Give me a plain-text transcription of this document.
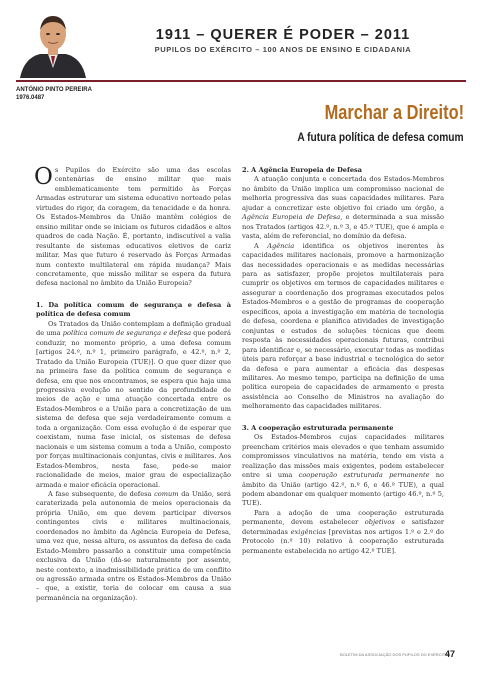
1911 – QUERER É PODER – 2011
PUPILOS DO EXÉRCITO – 100 ANOS DE ENSINO E CIDADANIA
ANTÓNIO PINTO PEREIRA
1976.0487
Marchar a Direito!
A futura política de defesa comum

Os Pupilos do Exército são uma das escolas centenárias de ensino militar que mais emblematicamente tem permitido às Forças Armadas estruturar um sistema educativo norteado pelas virtudes do rigor, da coragem, da tenacidade e da honra. Os Estados-Membros da União mantêm colégios de ensino militar onde se iniciam os futuros cidadãos e altos quadros de cada Nação. É, portanto, indiscutível a valia resultante de sistemas educativos eletivos de cariz militar. Mas que futuro é reservado às Forças Armadas num contexto multilateral em rápida mudança? Mais concretamente, que missão militar se espera da futura defesa nacional no âmbito da União Europeia?

1. Da política comum de segurança e defesa à política de defesa comum

Os Tratados da União contemplam a definição gradual de uma política comum de segurança e defesa que poderá conduzir, no momento próprio, a uma defesa comum [artigos 24.º, n.º 1, primeiro parágrafo, e 42.º, n.º 2, Tratado da União Europeia (TUE)]. O que quer dizer que na primeira fase da política comum de segurança e defesa, em que nos encontramos, se espera que haja uma progressiva evolução no sentido da profundidade de meios de ação e uma atuação concertada entre os Estados-Membros e a União para a concretização de um sistema de defesa que seja verdadeiramente comum a toda a organização. Com essa evolução é de esperar que coexistam, numa fase inicial, os sistemas de defesa nacionais e um sistema comum a toda a União, composto por forças multinacionais conjuntas, civis e militares. Aos Estados-Membros, nesta fase, pede-se maior racionalidade de meios, maior grau de especialização armada e maior eficácia operacional.

A fase subsequente, de defesa comum da União, será caraterizada pela autonomia de meios operacionais da própria União, em que devem participar diversos contingentes civis e militares multinacionais, coordenados no âmbito da Agência Europeia de Defesa, uma vez que, nessa altura, os assuntos da defesa de cada Estado-Membro passarão a constituir uma competência exclusiva da União (dá-se naturalmente por assente, neste contexto, a inadmissibilidade prática de um conflito ou agressão armada entre os Estados-Membros da União – que, a existir, teria de colocar em causa a sua permanência na organização).

2. A Agência Europeia de Defesa

A atuação conjunta e concertada dos Estados-Membros no âmbito da União implica um compromisso nacional de melhoria progressiva das suas capacidades militares. Para ajudar a concretizar este objetivo foi criado um órgão, a Agência Europeia de Defesa, e determinada a sua missão nos Tratados (artigos 42.º, n.º 3, e 45.º TUE), que é ampla e vasta, além de referencial, no domínio da defesa.

A Agência identifica os objetivos inerentes às capacidades militares nacionais, promove a harmonização das necessidades operacionais e as medidas necessárias para as satisfazer, propõe projetos multilaterais para cumprir os objetivos em termos de capacidades militares e assegurar a coordenação dos programas executados pelos Estados-Membros e a gestão de programas de cooperação específicos, apoia a investigação em matéria de tecnologia de defesa, coordena e planifica atividades de investigação conjuntas e estudos de soluções técnicas que deem resposta às necessidades operacionais futuras, contribui para identificar e, se necessário, executar todas as medidas úteis para reforçar a base industrial e tecnológica do setor da defesa e para aumentar a eficácia das despesas militares. Ao mesmo tempo, participa na definição de uma política europeia de capacidades de armamento e presta assistência ao Conselho de Ministros na avaliação do melhoramento das capacidades militares.

3. A cooperação estruturada permanente

Os Estados-Membros cujas capacidades militares preencham critérios mais elevados e que tenham assumido compromissos vinculativos na matéria, tendo em vista a realização das missões mais exigentes, podem estabelecer entre si uma cooperação estruturada permanente no âmbito da União (artigo 42.º, n.º 6, e 46.º TUE), a qual podem abandonar em qualquer momento (artigo 46.º, n.º 5, TUE).

Para a adoção de uma cooperação estruturada permanente, devem estabelecer objetivos e satisfazer determinadas exigências [previstas nos artigos 1.º e 2.º do Protocolo (n.º 10) relativo à cooperação estruturada permanente estabelecida no artigo 42.º TUE].

BOLETIM DA ASSOCIAÇÃO DOS PUPILOS DO EXÉRCITO
47
